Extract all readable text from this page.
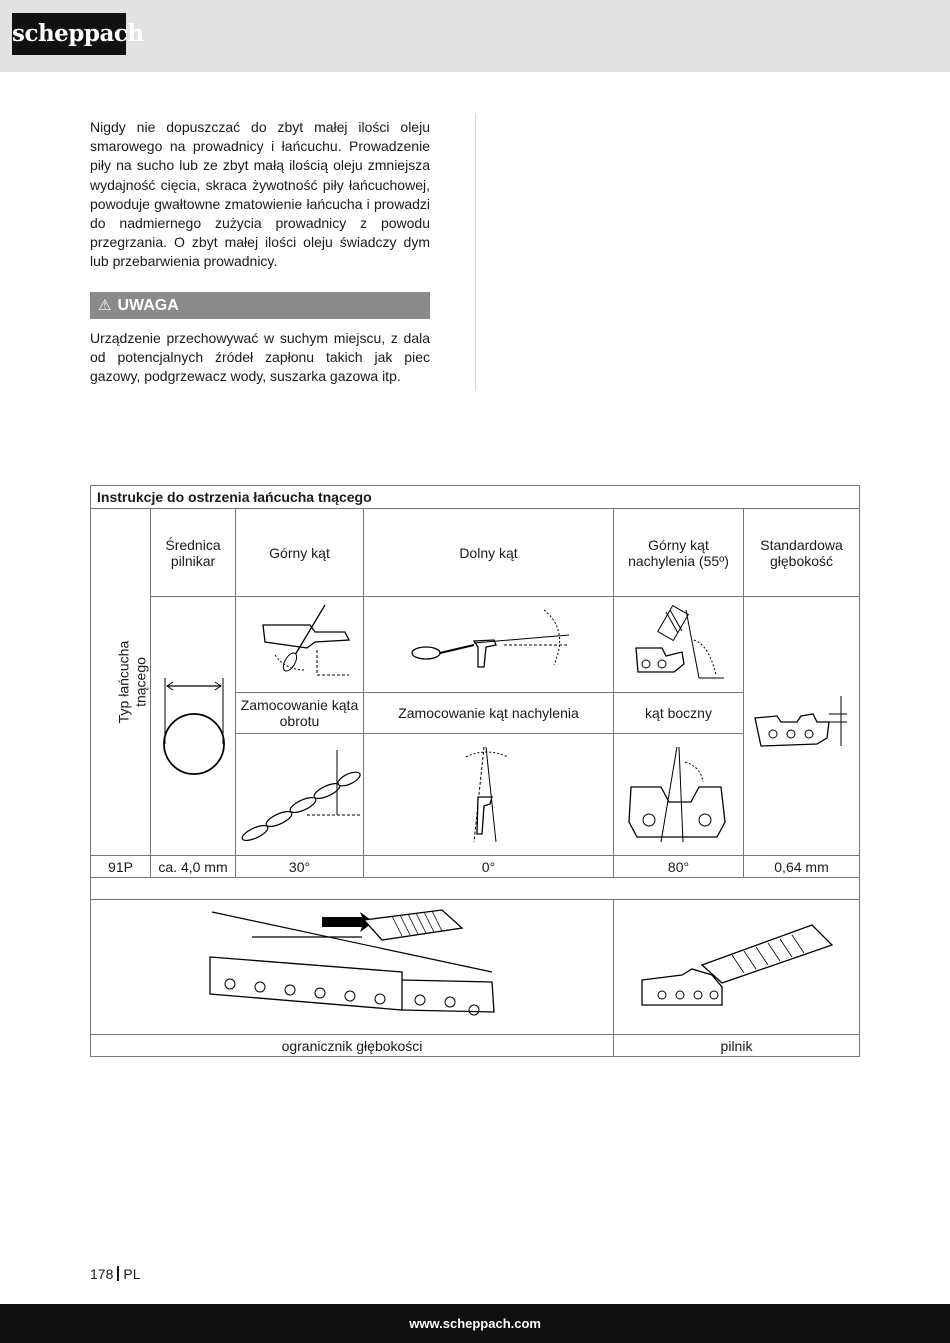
scheppach

Nigdy nie dopuszczać do zbyt małej ilości oleju smarowego na prowadnicy i łańcuchu. Prowadzenie piły na sucho lub ze zbyt małą ilością oleju zmniejsza wydajność cięcia, skraca żywotność piły łańcuchowej, powoduje gwałtowne zmatowienie łańcucha i prowadzi do nadmiernego zużycia prowadnicy z powodu przegrzania. O zbyt małej ilości oleju świadczy dym lub przebarwienia prowadnicy.

⚠ UWAGA

Urządzenie przechowywać w suchym miejscu, z dala od potencjalnych źródeł zapłonu takich jak piec gazowy, podgrzewacz wody, suszarka gazowa itp.

Instrukcje do ostrzenia łańcucha tnącego					
Typ łańcucha
tnącego	Średnica pilnikar	Górny kąt	Dolny kąt	Górny kąt nachylenia (55º)	Standardowa głębokość

		Zamocowanie kąta obrotu	Zamocowanie kąt nachylenia	kąt boczny	

91P	ca. 4,0 mm	30°	0°	80°	0,64 mm

ogranicznik głębokości				pilnik	
178 PL
www.scheppach.com
